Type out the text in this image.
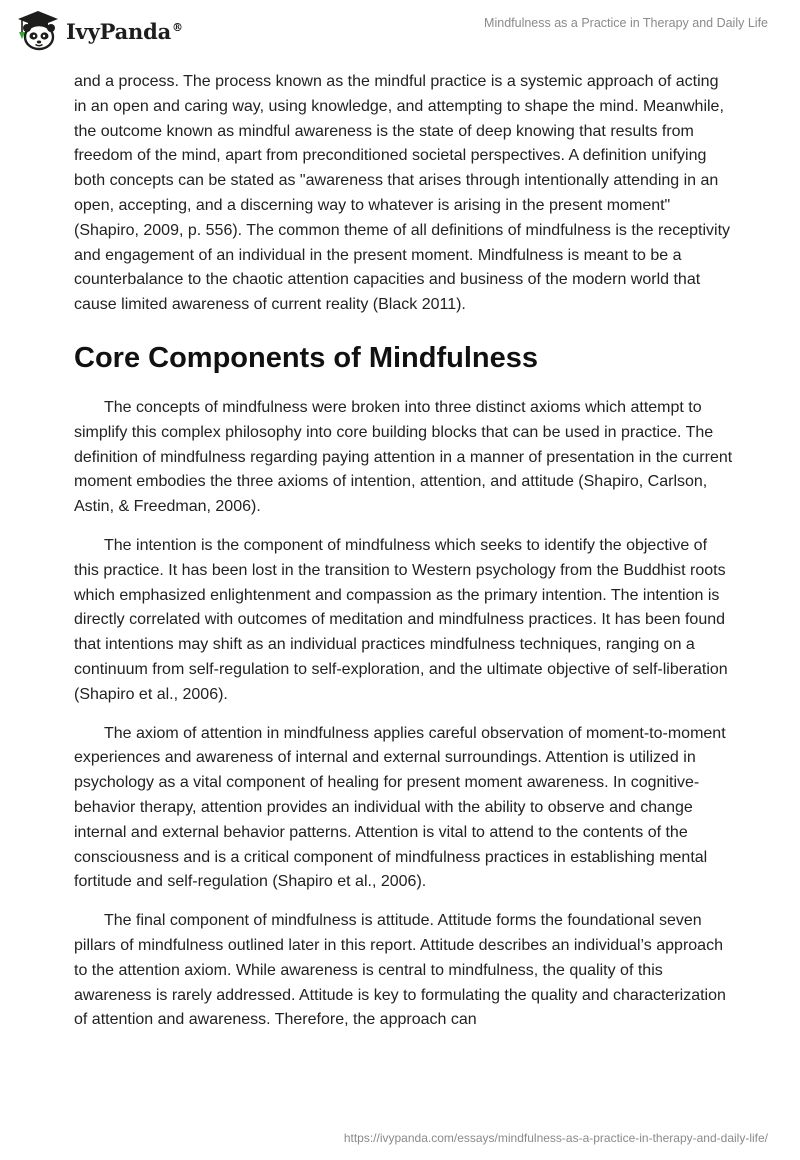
IvyPanda®	Mindfulness as a Practice in Therapy and Daily Life

and a process. The process known as the mindful practice is a systemic approach of acting in an open and caring way, using knowledge, and attempting to shape the mind. Meanwhile, the outcome known as mindful awareness is the state of deep knowing that results from freedom of the mind, apart from preconditioned societal perspectives. A definition unifying both concepts can be stated as "awareness that arises through intentionally attending in an open, accepting, and a discerning way to whatever is arising in the present moment" (Shapiro, 2009, p. 556). The common theme of all definitions of mindfulness is the receptivity and engagement of an individual in the present moment. Mindfulness is meant to be a counterbalance to the chaotic attention capacities and business of the modern world that cause limited awareness of current reality (Black 2011).

Core Components of Mindfulness

The concepts of mindfulness were broken into three distinct axioms which attempt to simplify this complex philosophy into core building blocks that can be used in practice. The definition of mindfulness regarding paying attention in a manner of presentation in the current moment embodies the three axioms of intention, attention, and attitude (Shapiro, Carlson, Astin, & Freedman, 2006).

The intention is the component of mindfulness which seeks to identify the objective of this practice. It has been lost in the transition to Western psychology from the Buddhist roots which emphasized enlightenment and compassion as the primary intention. The intention is directly correlated with outcomes of meditation and mindfulness practices. It has been found that intentions may shift as an individual practices mindfulness techniques, ranging on a continuum from self-regulation to self-exploration, and the ultimate objective of self-liberation (Shapiro et al., 2006).

The axiom of attention in mindfulness applies careful observation of moment-to-moment experiences and awareness of internal and external surroundings. Attention is utilized in psychology as a vital component of healing for present moment awareness. In cognitive-behavior therapy, attention provides an individual with the ability to observe and change internal and external behavior patterns. Attention is vital to attend to the contents of the consciousness and is a critical component of mindfulness practices in establishing mental fortitude and self-regulation (Shapiro et al., 2006).

The final component of mindfulness is attitude. Attitude forms the foundational seven pillars of mindfulness outlined later in this report. Attitude describes an individual’s approach to the attention axiom. While awareness is central to mindfulness, the quality of this awareness is rarely addressed. Attitude is key to formulating the quality and characterization of attention and awareness. Therefore, the approach can

https://ivypanda.com/essays/mindfulness-as-a-practice-in-therapy-and-daily-life/
